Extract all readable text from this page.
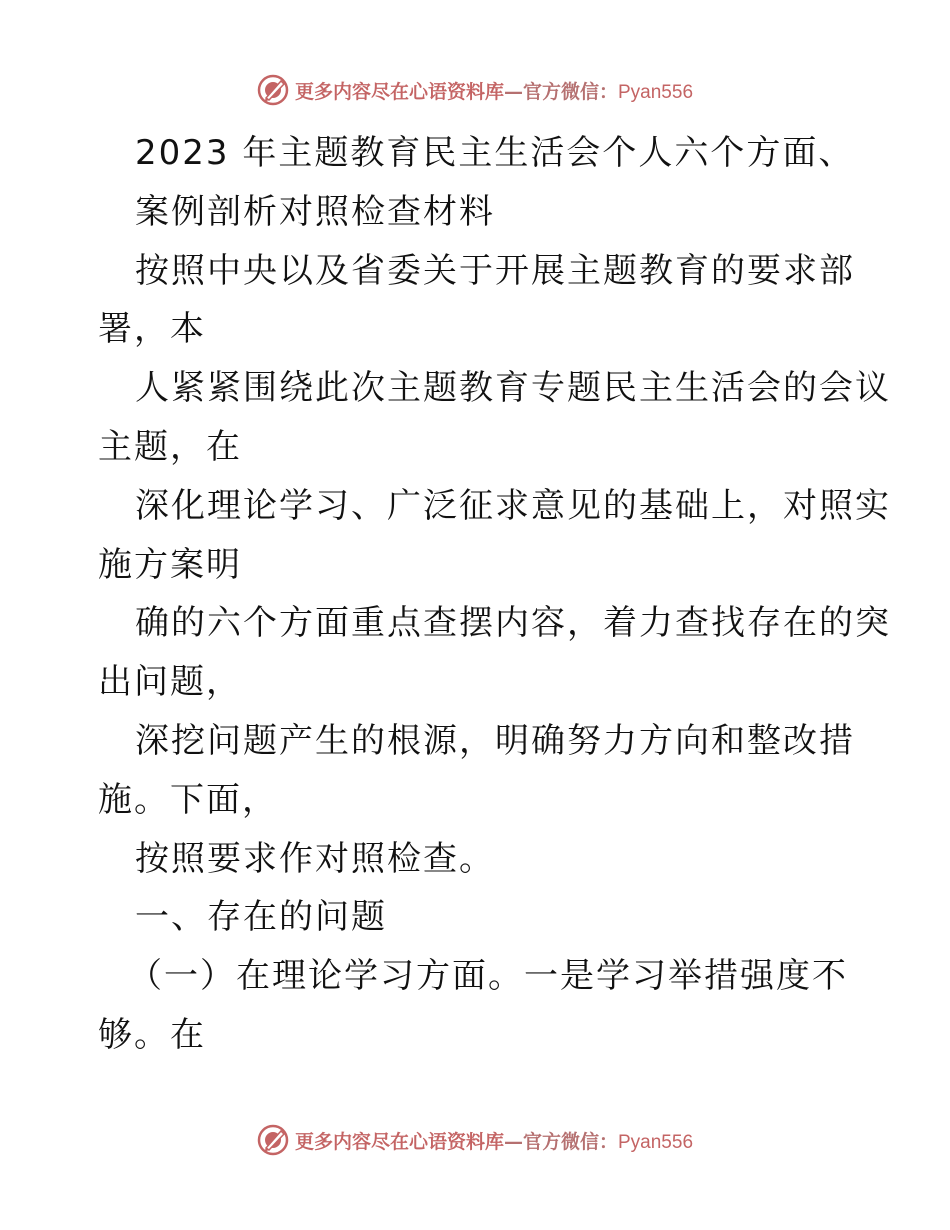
更多内容尽在心语资料库—官方微信：Pyan556
2023 年主题教育民主生活会个人六个方面、
案例剖析对照检查材料
按照中央以及省委关于开展主题教育的要求部
署，本
人紧紧围绕此次主题教育专题民主生活会的会议
主题，在
深化理论学习、广泛征求意见的基础上，对照实
施方案明
确的六个方面重点查摆内容，着力查找存在的突
出问题，
深挖问题产生的根源，明确努力方向和整改措
施。下面，
按照要求作对照检查。
一、存在的问题
（一）在理论学习方面。一是学习举措强度不
够。在
更多内容尽在心语资料库—官方微信：Pyan556
